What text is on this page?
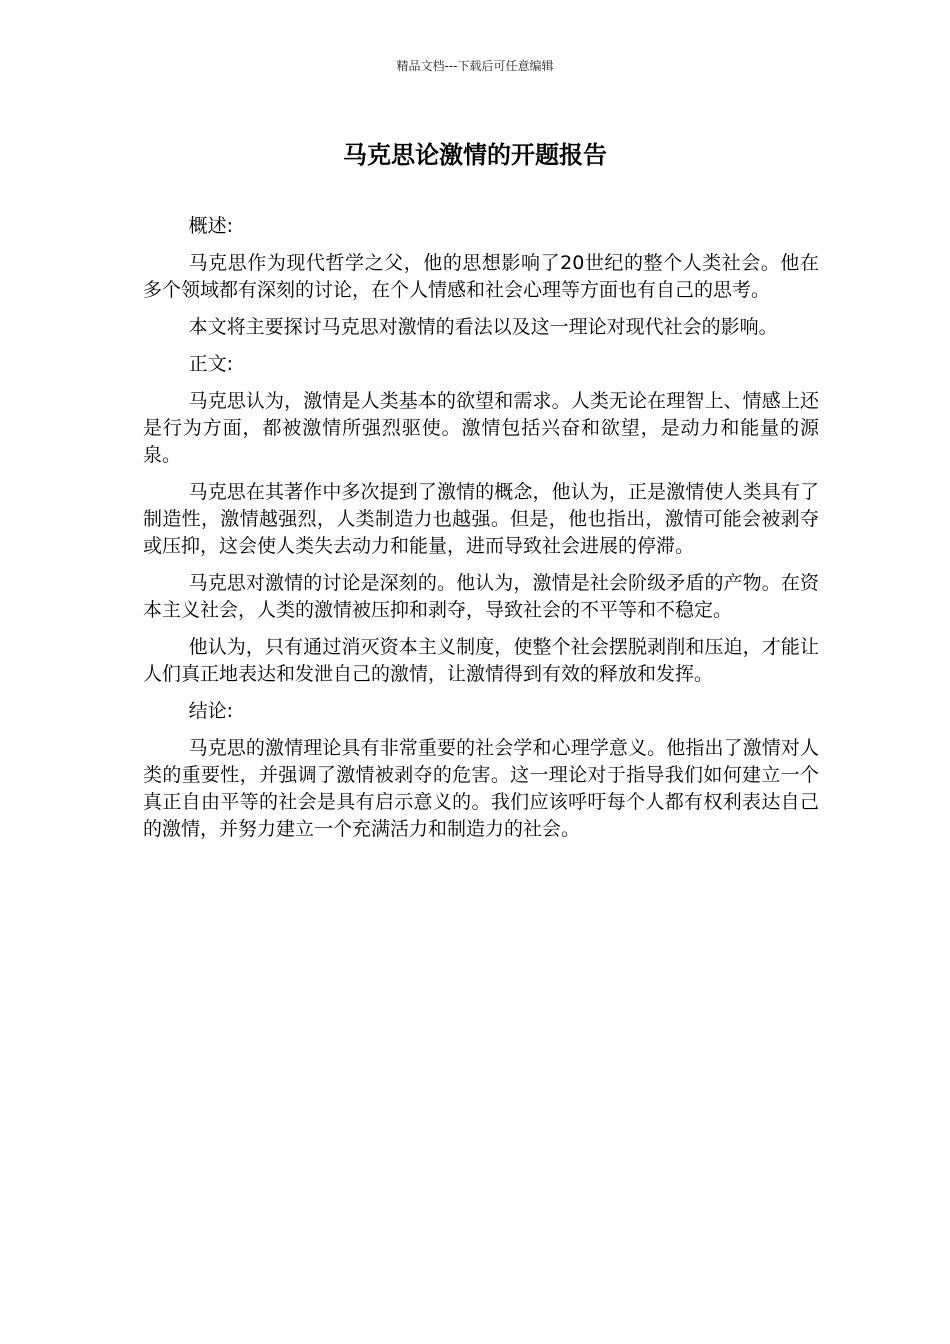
精品文档---下载后可任意编辑
马克思论激情的开题报告

概述:

马克思作为现代哲学之父，他的思想影响了20世纪的整个人类社会。他在多个领域都有深刻的讨论，在个人情感和社会心理等方面也有自己的思考。

本文将主要探讨马克思对激情的看法以及这一理论对现代社会的影响。

正文:

马克思认为，激情是人类基本的欲望和需求。人类无论在理智上、情感上还是行为方面，都被激情所强烈驱使。激情包括兴奋和欲望，是动力和能量的源泉。

马克思在其著作中多次提到了激情的概念，他认为，正是激情使人类具有了制造性，激情越强烈，人类制造力也越强。但是，他也指出，激情可能会被剥夺或压抑，这会使人类失去动力和能量，进而导致社会进展的停滞。

马克思对激情的讨论是深刻的。他认为，激情是社会阶级矛盾的产物。在资本主义社会，人类的激情被压抑和剥夺，导致社会的不平等和不稳定。

他认为，只有通过消灭资本主义制度，使整个社会摆脱剥削和压迫，才能让人们真正地表达和发泄自己的激情，让激情得到有效的释放和发挥。

结论:

马克思的激情理论具有非常重要的社会学和心理学意义。他指出了激情对人类的重要性，并强调了激情被剥夺的危害。这一理论对于指导我们如何建立一个真正自由平等的社会是具有启示意义的。我们应该呼吁每个人都有权利表达自己的激情，并努力建立一个充满活力和制造力的社会。
